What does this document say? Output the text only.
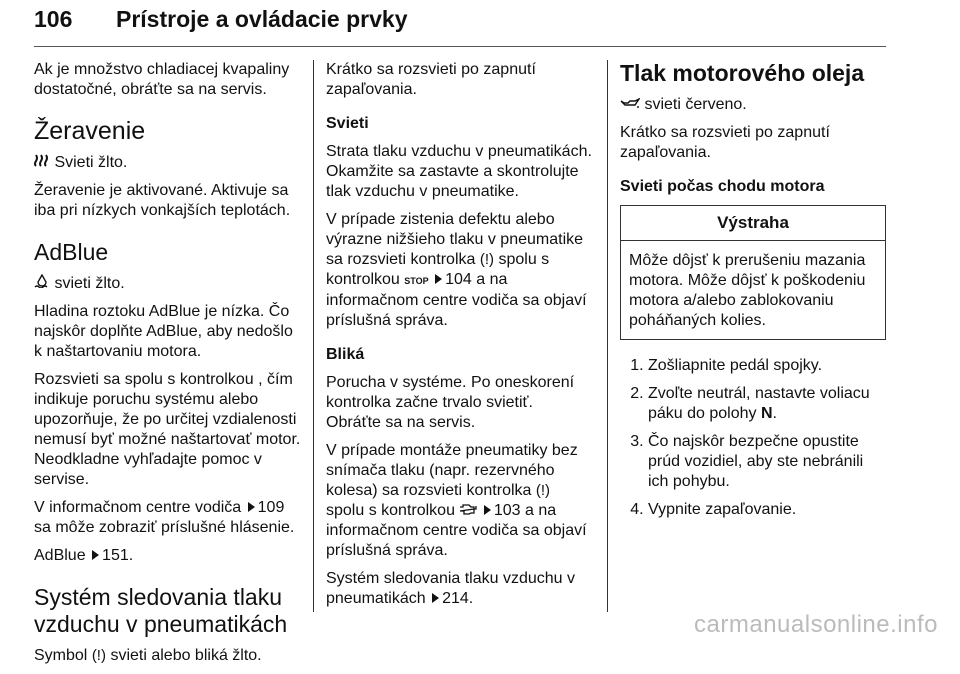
106 Prístroje a ovládacie prvky

Ak je množstvo chladiacej kvapaliny dostatočné, obráťte sa na servis.

Žeravenie

Svieti žlto.

Žeravenie je aktivované. Aktivuje sa iba pri nízkych vonkajších teplotách.

AdBlue

svieti žlto.

Hladina roztoku AdBlue je nízka. Čo najskôr doplňte AdBlue, aby nedošlo k naštartovaniu motora.

Rozsvieti sa spolu s kontrolkou , čím indikuje poruchu systému alebo upozorňuje, že po určitej vzdialenosti nemusí byť možné naštartovať motor. Neodkladne vyhľadajte pomoc v servise.

V informačnom centre vodiča 109 sa môže zobraziť príslušné hlásenie.

AdBlue 151.

Systém sledovania tlaku vzduchu v pneumatikách

Symbol (!) svieti alebo bliká žlto.

Krátko sa rozsvieti po zapnutí zapaľovania.

Svieti

Strata tlaku vzduchu v pneumatikách. Okamžite sa zastavte a skontrolujte tlak vzduchu v pneumatike.

V prípade zistenia defektu alebo výrazne nižšieho tlaku v pneumatike sa rozsvieti kontrolka (!) spolu s kontrolkou STOP 104 a na informačnom centre vodiča sa objaví príslušná správa.

Bliká

Porucha v systéme. Po oneskorení kontrolka začne trvalo svietiť. Obráťte sa na servis.

V prípade montáže pneumatiky bez snímača tlaku (napr. rezervného kolesa) sa rozsvieti kontrolka (!) spolu s kontrolkou 103 a na informačnom centre vodiča sa objaví príslušná správa.

Systém sledovania tlaku vzduchu v pneumatikách 214.

Tlak motorového oleja

svieti červeno.

Krátko sa rozsvieti po zapnutí zapaľovania.

Svieti počas chodu motora
Výstraha
Môže dôjsť k prerušeniu mazania motora. Môže dôjsť k poškodeniu motora a/alebo zablokovaniu poháňaných kolies.
1. Zošliapnite pedál spojky.
2. Zvoľte neutrál, nastavte voliacu páku do polohy N.
3. Čo najskôr bezpečne opustite prúd vozidiel, aby ste nebránili ich pohybu.
4. Vypnite zapaľovanie.
carmanualsonline.info
